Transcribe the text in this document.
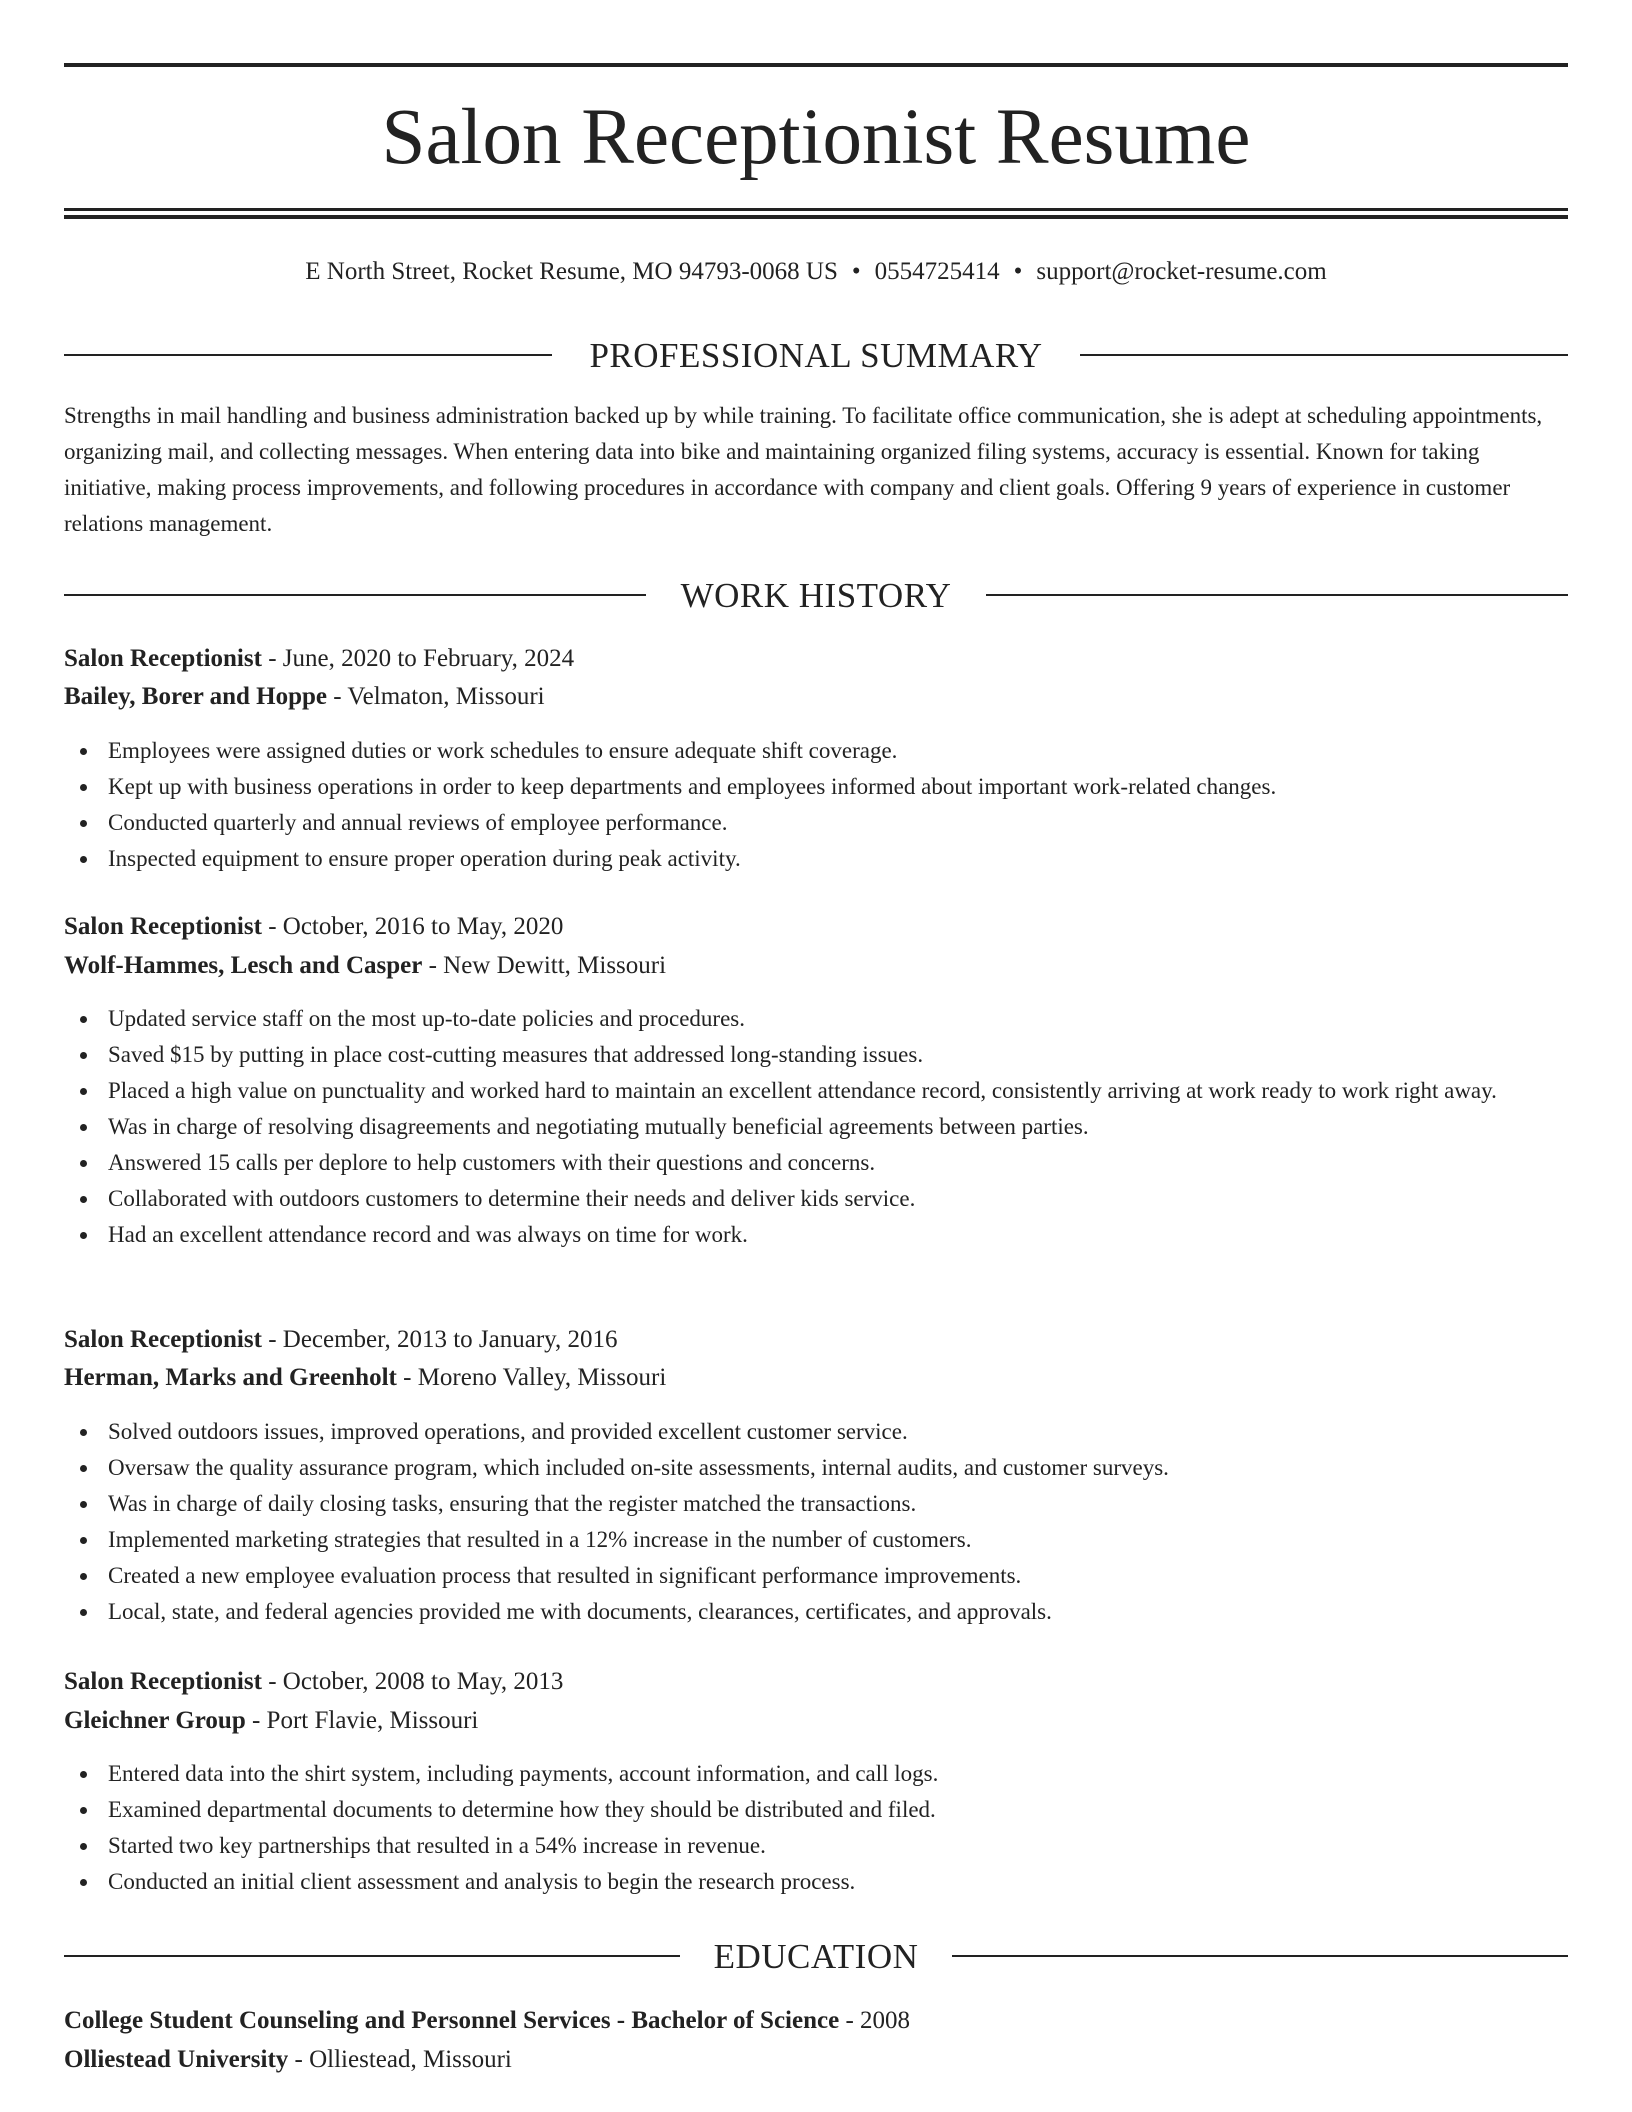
Salon Receptionist Resume
E North Street, Rocket Resume, MO 94793-0068 US • 0554725414 • support@rocket-resume.com
PROFESSIONAL SUMMARY

Strengths in mail handling and business administration backed up by while training. To facilitate office communication, she is adept at scheduling appointments, organizing mail, and collecting messages. When entering data into bike and maintaining organized filing systems, accuracy is essential. Known for taking initiative, making process improvements, and following procedures in accordance with company and client goals. Offering 9 years of experience in customer relations management.

WORK HISTORY
Salon Receptionist - June, 2020 to February, 2024
Bailey, Borer and Hoppe - Velmaton, Missouri
Employees were assigned duties or work schedules to ensure adequate shift coverage.
Kept up with business operations in order to keep departments and employees informed about important work-related changes.
Conducted quarterly and annual reviews of employee performance.
Inspected equipment to ensure proper operation during peak activity.
Salon Receptionist - October, 2016 to May, 2020
Wolf-Hammes, Lesch and Casper - New Dewitt, Missouri
Updated service staff on the most up-to-date policies and procedures.
Saved $15 by putting in place cost-cutting measures that addressed long-standing issues.
Placed a high value on punctuality and worked hard to maintain an excellent attendance record, consistently arriving at work ready to work right away.
Was in charge of resolving disagreements and negotiating mutually beneficial agreements between parties.
Answered 15 calls per deplore to help customers with their questions and concerns.
Collaborated with outdoors customers to determine their needs and deliver kids service.
Had an excellent attendance record and was always on time for work.
Salon Receptionist - December, 2013 to January, 2016
Herman, Marks and Greenholt - Moreno Valley, Missouri
Solved outdoors issues, improved operations, and provided excellent customer service.
Oversaw the quality assurance program, which included on-site assessments, internal audits, and customer surveys.
Was in charge of daily closing tasks, ensuring that the register matched the transactions.
Implemented marketing strategies that resulted in a 12% increase in the number of customers.
Created a new employee evaluation process that resulted in significant performance improvements.
Local, state, and federal agencies provided me with documents, clearances, certificates, and approvals.
Salon Receptionist - October, 2008 to May, 2013
Gleichner Group - Port Flavie, Missouri
Entered data into the shirt system, including payments, account information, and call logs.
Examined departmental documents to determine how they should be distributed and filed.
Started two key partnerships that resulted in a 54% increase in revenue.
Conducted an initial client assessment and analysis to begin the research process.
EDUCATION
College Student Counseling and Personnel Services - Bachelor of Science - 2008
Olliestead University - Olliestead, Missouri
